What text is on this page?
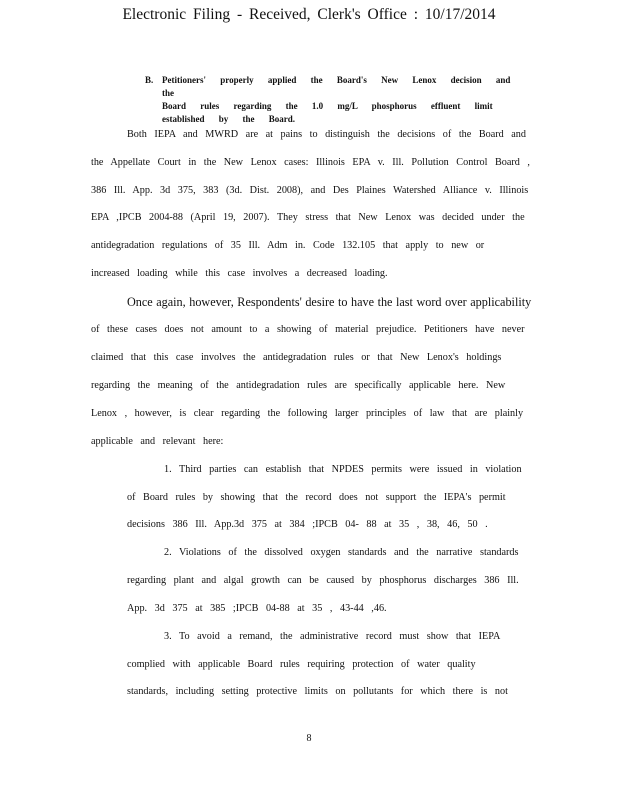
Electronic Filing - Received, Clerk's Office : 10/17/2014
B. Petitioners' properly applied the Board's New Lenox decision and the
Board rules regarding the 1.0 mg/L phosphorus effluent limit
established by the Board.
Both IEPA and MWRD are at pains to distinguish the decisions of the Board and
the Appellate Court in the New Lenox cases: Illinois EPA v. Ill. Pollution Control Board ,
386 Ill. App. 3d 375, 383 (3d. Dist. 2008), and Des Plaines Watershed Alliance v. Illinois
EPA ,IPCB 2004-88 (April 19, 2007). They stress that New Lenox was decided under the
antidegradation regulations of 35 Ill. Adm in. Code 132.105 that apply to new or
increased loading while this case involves a decreased loading.
Once again, however, Respondents' desire to have the last word over applicability
of these cases does not amount to a showing of material prejudice. Petitioners have never
claimed that this case involves the antidegradation rules or that New Lenox's holdings
regarding the meaning of the antidegradation rules are specifically applicable here. New
Lenox , however, is clear regarding the following larger principles of law that are plainly
applicable and relevant here:
1. Third parties can establish that NPDES permits were issued in violation
of Board rules by showing that the record does not support the IEPA's permit
decisions 386 Ill. App.3d 375 at 384 ;IPCB 04- 88 at 35 , 38, 46, 50 .
2. Violations of the dissolved oxygen standards and the narrative standards
regarding plant and algal growth can be caused by phosphorus discharges 386 Ill.
App. 3d 375 at 385 ;IPCB 04-88 at 35 , 43-44 ,46.
3. To avoid a remand, the administrative record must show that IEPA
complied with applicable Board rules requiring protection of water quality
standards, including setting protective limits on pollutants for which there is not
8
